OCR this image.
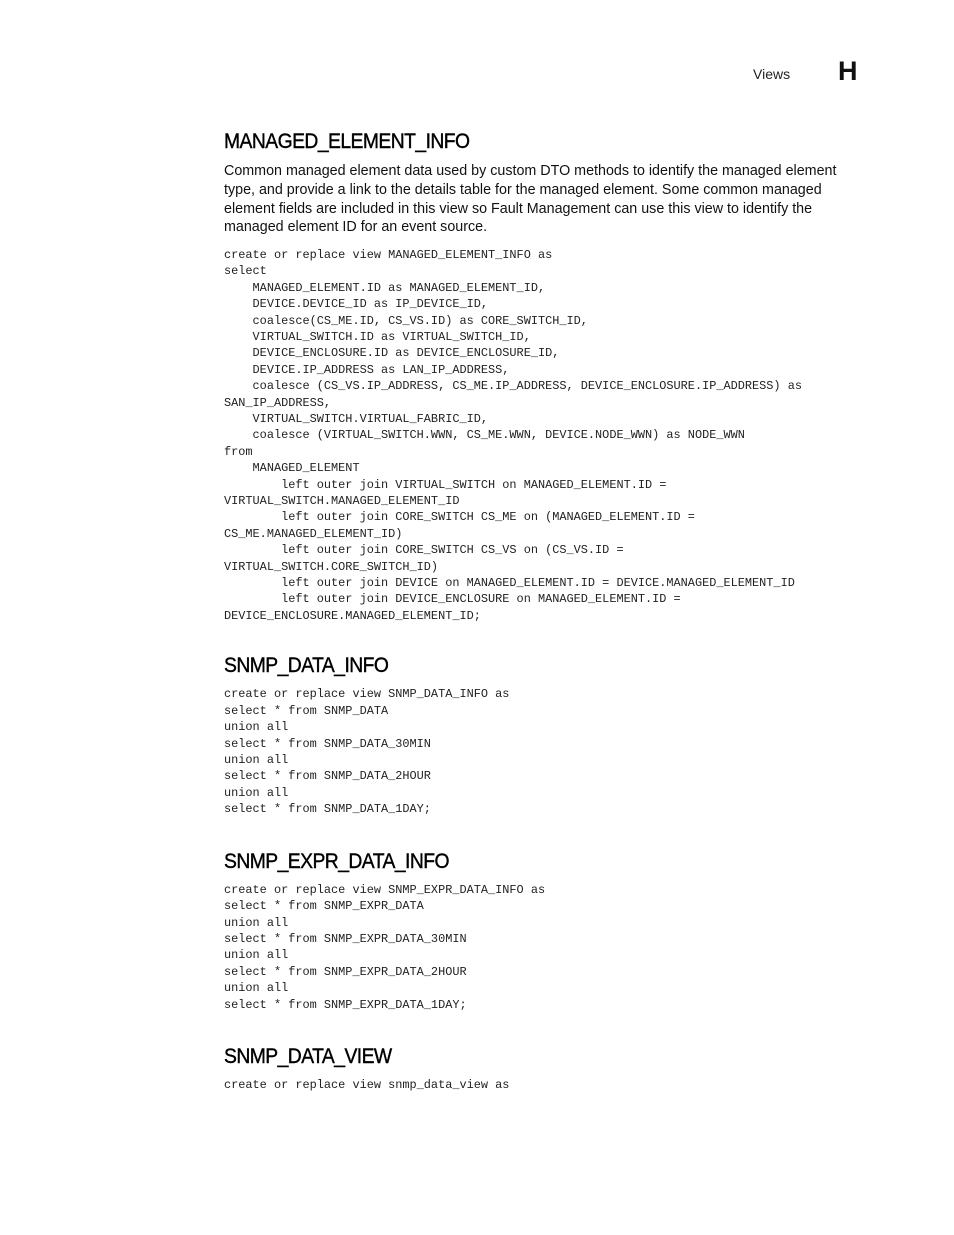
Views H
MANAGED_ELEMENT_INFO

Common managed element data used by custom DTO methods to identify the managed element type, and provide a link to the details table for the managed element. Some common managed element fields are included in this view so Fault Management can use this view to identify the managed element ID for an event source.

create or replace view MANAGED_ELEMENT_INFO as
select
MANAGED_ELEMENT.ID as MANAGED_ELEMENT_ID,
DEVICE.DEVICE_ID as IP_DEVICE_ID,
coalesce(CS_ME.ID, CS_VS.ID) as CORE_SWITCH_ID,
VIRTUAL_SWITCH.ID as VIRTUAL_SWITCH_ID,
DEVICE_ENCLOSURE.ID as DEVICE_ENCLOSURE_ID,
DEVICE.IP_ADDRESS as LAN_IP_ADDRESS,
coalesce (CS_VS.IP_ADDRESS, CS_ME.IP_ADDRESS, DEVICE_ENCLOSURE.IP_ADDRESS) as
SAN_IP_ADDRESS,
VIRTUAL_SWITCH.VIRTUAL_FABRIC_ID,
coalesce (VIRTUAL_SWITCH.WWN, CS_ME.WWN, DEVICE.NODE_WWN) as NODE_WWN
from
MANAGED_ELEMENT
left outer join VIRTUAL_SWITCH on MANAGED_ELEMENT.ID =
VIRTUAL_SWITCH.MANAGED_ELEMENT_ID
left outer join CORE_SWITCH CS_ME on (MANAGED_ELEMENT.ID =
CS_ME.MANAGED_ELEMENT_ID)
left outer join CORE_SWITCH CS_VS on (CS_VS.ID =
VIRTUAL_SWITCH.CORE_SWITCH_ID)
left outer join DEVICE on MANAGED_ELEMENT.ID = DEVICE.MANAGED_ELEMENT_ID
left outer join DEVICE_ENCLOSURE on MANAGED_ELEMENT.ID =
DEVICE_ENCLOSURE.MANAGED_ELEMENT_ID;
SNMP_DATA_INFO
create or replace view SNMP_DATA_INFO as
select * from SNMP_DATA
union all
select * from SNMP_DATA_30MIN
union all
select * from SNMP_DATA_2HOUR
union all
select * from SNMP_DATA_1DAY;
SNMP_EXPR_DATA_INFO
create or replace view SNMP_EXPR_DATA_INFO as
select * from SNMP_EXPR_DATA
union all
select * from SNMP_EXPR_DATA_30MIN
union all
select * from SNMP_EXPR_DATA_2HOUR
union all
select * from SNMP_EXPR_DATA_1DAY;
SNMP_DATA_VIEW
create or replace view snmp_data_view as
